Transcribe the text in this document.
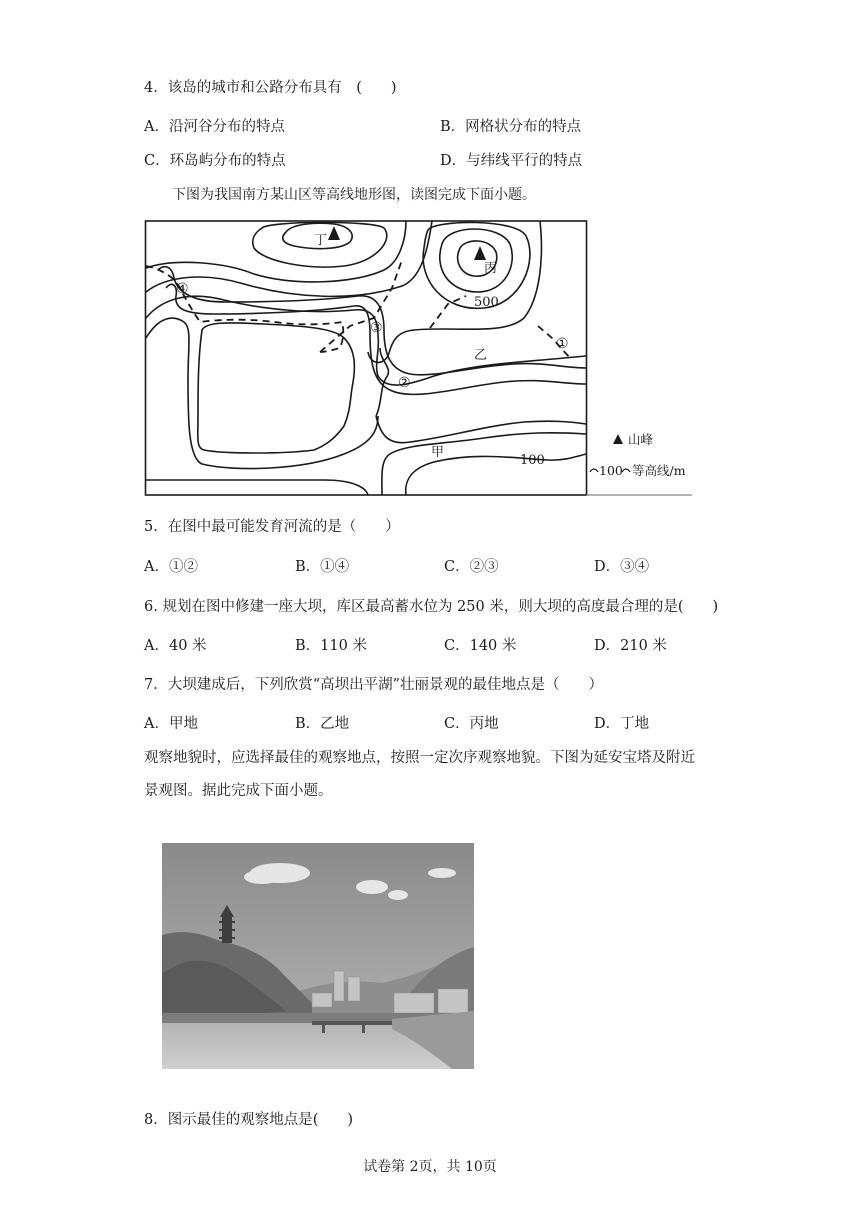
4．该岛的城市和公路分布具有　(　　)
A．沿河谷分布的特点	B．网格状分布的特点
C．环岛屿分布的特点	D．与纬线平行的特点
下图为我国南方某山区等高线地形图，读图完成下面小题。
丁
丙
500
乙
甲
100
①
②
③
④
山峰
100 等高线/m
5．在图中最可能发育河流的是（　　）
A．①②	B．①④	C．②③	D．③④
6. 规划在图中修建一座大坝，库区最高蓄水位为 250 米，则大坝的高度最合理的是(　　)
A．40 米	B．110 米	C．140 米	D．210 米
7．大坝建成后，下列欣赏“高坝出平湖”壮丽景观的最佳地点是（　　）
A．甲地	B．乙地	C．丙地	D．丁地
观察地貌时，应选择最佳的观察地点，按照一定次序观察地貌。下图为延安宝塔及附近
景观图。据此完成下面小题。
8．图示最佳的观察地点是(　　)
试卷第 2页，共 10页
